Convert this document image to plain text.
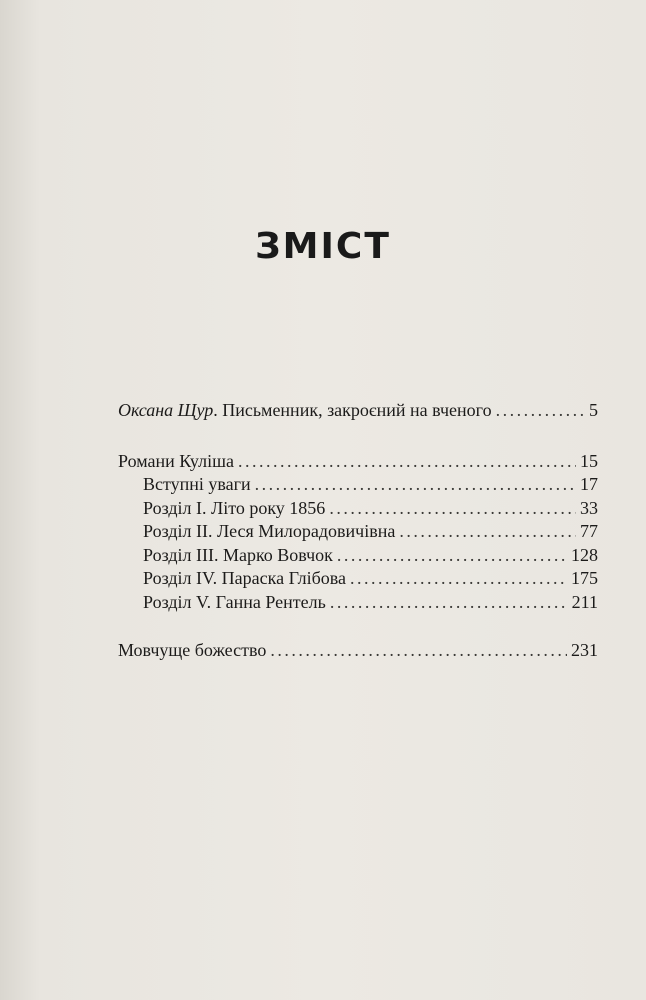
ЗМІСТ
Оксана Щур. Письменник, закроєний на вченого . . .	5
Романи Куліша . . .	15
Вступні уваги . . .	17
Розділ I. Літо року 1856 . . .	33
Розділ II. Леся Милорадовичівна . . .	77
Розділ III. Марко Вовчок . . .	128
Розділ IV. Параска Глібова . . .	175
Розділ V. Ганна Рентель . . .	211
Мовчуще божество . . .	231
